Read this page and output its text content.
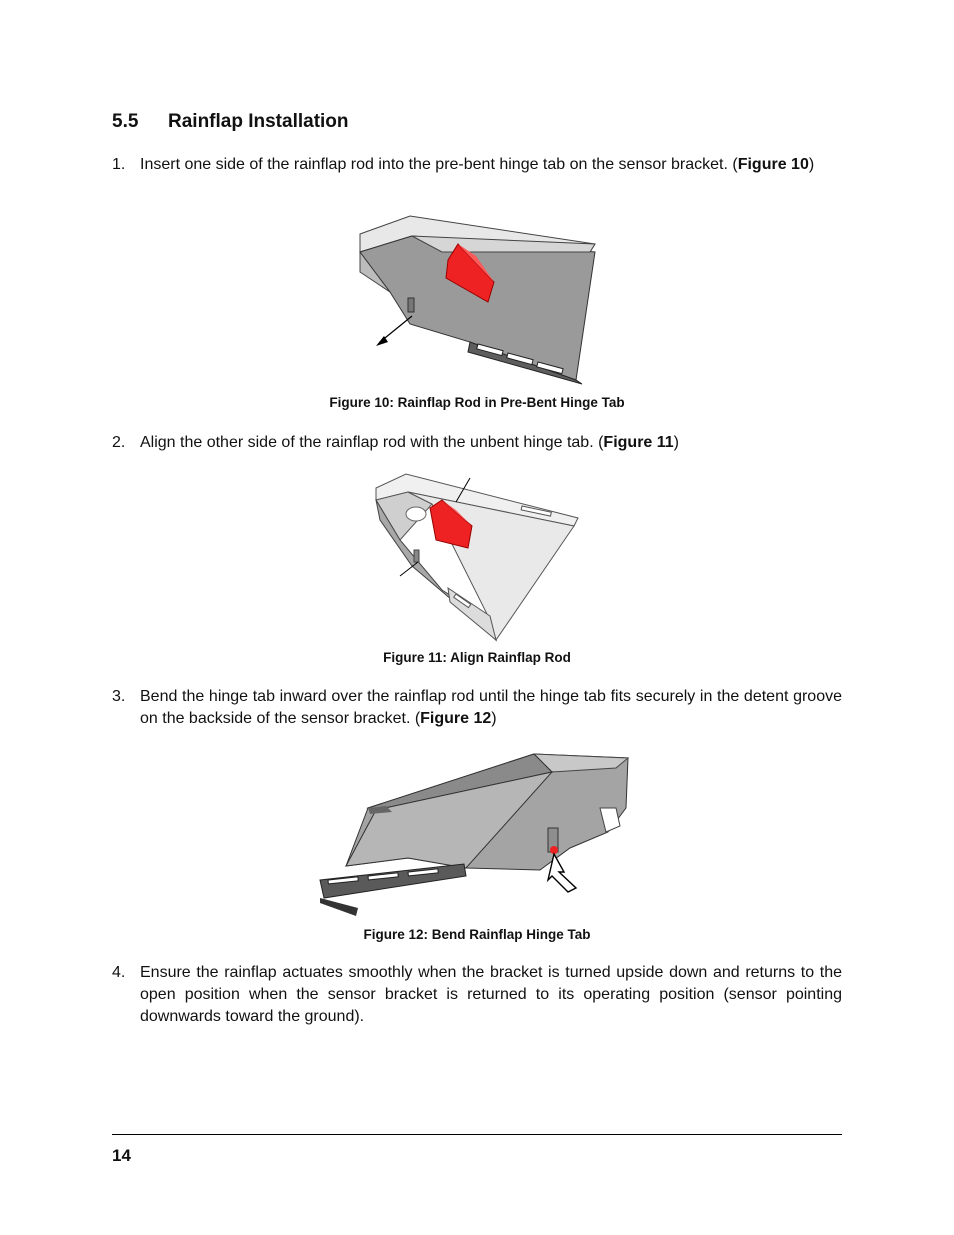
5.5 Rainflap Installation
1. Insert one side of the rainflap rod into the pre-bent hinge tab on the sensor bracket. (Figure 10)
Figure 10: Rainflap Rod in Pre-Bent Hinge Tab
2. Align the other side of the rainflap rod with the unbent hinge tab. (Figure 11)
Figure 11: Align Rainflap Rod
3. Bend the hinge tab inward over the rainflap rod until the hinge tab fits securely in the detent groove on the backside of the sensor bracket. (Figure 12)
Figure 12: Bend Rainflap Hinge Tab
4. Ensure the rainflap actuates smoothly when the bracket is turned upside down and returns to the open position when the sensor bracket is returned to its operating position (sensor pointing downwards toward the ground).
14
